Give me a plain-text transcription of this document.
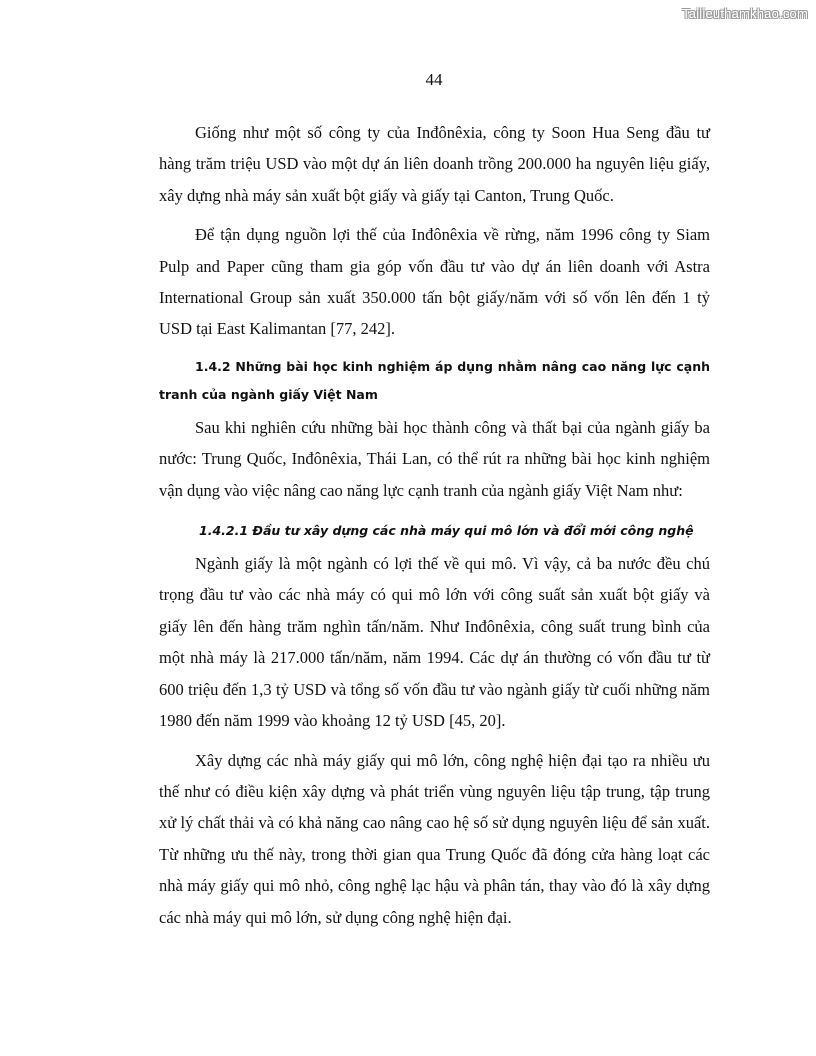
Tailieuthamkhao.com
44

Giống như một số công ty của Inđônêxia, công ty Soon Hua Seng đầu tư hàng trăm triệu USD vào một dự án liên doanh trồng 200.000 ha nguyên liệu giấy, xây dựng nhà máy sản xuất bột giấy và giấy tại Canton, Trung Quốc.

Để tận dụng nguồn lợi thế của Inđônêxia về rừng, năm 1996 công ty Siam Pulp and Paper cũng tham gia góp vốn đầu tư vào dự án liên doanh với Astra International Group sản xuất 350.000 tấn bột giấy/năm với số vốn lên đến 1 tỷ USD tại East Kalimantan [77, 242].

1.4.2 Những bài học kinh nghiệm áp dụng nhằm nâng cao năng lực cạnh tranh của ngành giấy Việt Nam

Sau khi nghiên cứu những bài học thành công và thất bại của ngành giấy ba nước: Trung Quốc, Inđônêxia, Thái Lan, có thể rút ra những bài học kinh nghiệm vận dụng vào việc nâng cao năng lực cạnh tranh của ngành giấy Việt Nam như:

1.4.2.1 Đầu tư xây dựng các nhà máy qui mô lớn và đổi mới công nghệ

Ngành giấy là một ngành có lợi thế về qui mô. Vì vậy, cả ba nước đều chú trọng đầu tư vào các nhà máy có qui mô lớn với công suất sản xuất bột giấy và giấy lên đến hàng trăm nghìn tấn/năm. Như Inđônêxia, công suất trung bình của một nhà máy là 217.000 tấn/năm, năm 1994. Các dự án thường có vốn đầu tư từ 600 triệu đến 1,3 tỷ USD và tổng số vốn đầu tư vào ngành giấy từ cuối những năm 1980 đến năm 1999 vào khoảng 12 tỷ USD [45, 20].

Xây dựng các nhà máy giấy qui mô lớn, công nghệ hiện đại tạo ra nhiều ưu thế như có điều kiện xây dựng và phát triển vùng nguyên liệu tập trung, tập trung xử lý chất thải và có khả năng cao nâng cao hệ số sử dụng nguyên liệu để sản xuất. Từ những ưu thế này, trong thời gian qua Trung Quốc đã đóng cửa hàng loạt các nhà máy giấy qui mô nhỏ, công nghệ lạc hậu và phân tán, thay vào đó là xây dựng các nhà máy qui mô lớn, sử dụng công nghệ hiện đại.
